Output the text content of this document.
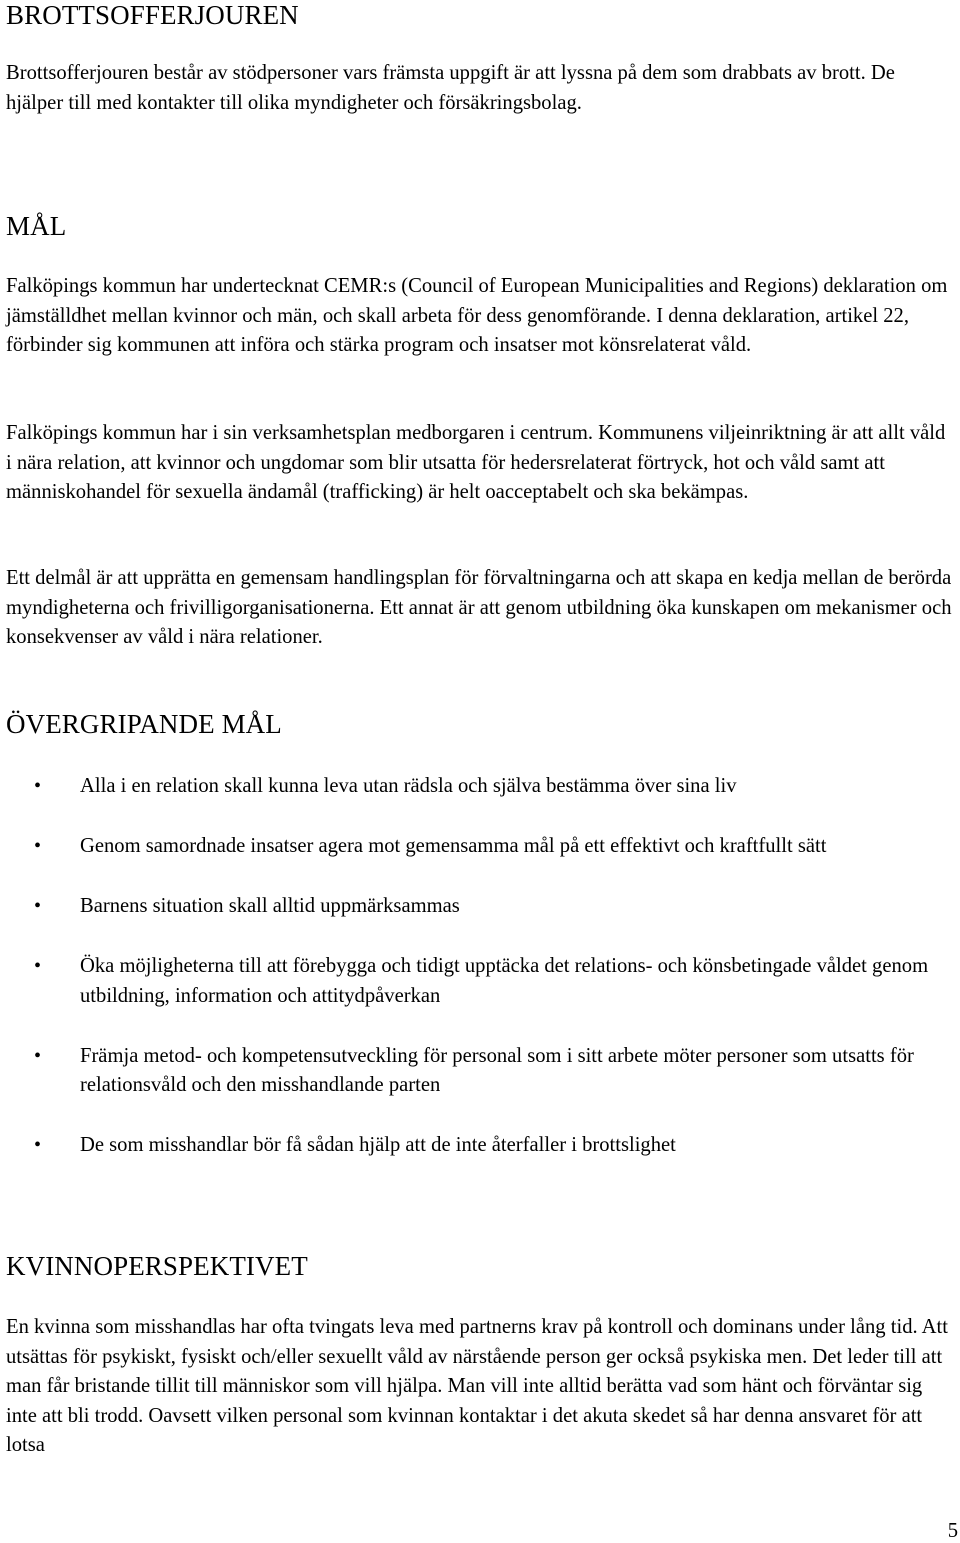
BROTTSOFFERJOUREN

Brottsofferjouren består av stödpersoner vars främsta uppgift är att lyssna på dem som drabbats av brott. De hjälper till med kontakter till olika myndigheter och försäkringsbolag.

MÅL

Falköpings kommun har undertecknat CEMR:s (Council of European Municipalities and Regions) deklaration om jämställdhet mellan kvinnor och män, och skall arbeta för dess genomförande. I denna deklaration, artikel 22, förbinder sig kommunen att införa och stärka program och insatser mot könsrelaterat våld.

Falköpings kommun har i sin verksamhetsplan medborgaren i centrum. Kommunens viljeinriktning är att allt våld i nära relation, att kvinnor och ungdomar som blir utsatta för hedersrelaterat förtryck, hot och våld samt att människohandel för sexuella ändamål (trafficking) är helt oacceptabelt och ska bekämpas.

Ett delmål är att upprätta en gemensam handlingsplan för förvaltningarna och att skapa en kedja mellan de berörda myndigheterna och frivilligorganisationerna. Ett annat är att genom utbildning öka kunskapen om mekanismer och konsekvenser av våld i nära relationer.

ÖVERGRIPANDE MÅL
• Alla i en relation skall kunna leva utan rädsla och själva bestämma över sina liv
• Genom samordnade insatser agera mot gemensamma mål på ett effektivt och kraftfullt sätt
• Barnens situation skall alltid uppmärksammas
• Öka möjligheterna till att förebygga och tidigt upptäcka det relations- och könsbetingade våldet genom utbildning, information och attitydpåverkan
• Främja metod- och kompetensutveckling för personal som i sitt arbete möter personer som utsatts för relationsvåld och den misshandlande parten
• De som misshandlar bör få sådan hjälp att de inte återfaller i brottslighet
KVINNOPERSPEKTIVET

En kvinna som misshandlas har ofta tvingats leva med partnerns krav på kontroll och dominans under lång tid. Att utsättas för psykiskt, fysiskt och/eller sexuellt våld av närstående person ger också psykiska men. Det leder till att man får bristande tillit till människor som vill hjälpa. Man vill inte alltid berätta vad som hänt och förväntar sig inte att bli trodd. Oavsett vilken personal som kvinnan kontaktar i det akuta skedet så har denna ansvaret för att lotsa

5
